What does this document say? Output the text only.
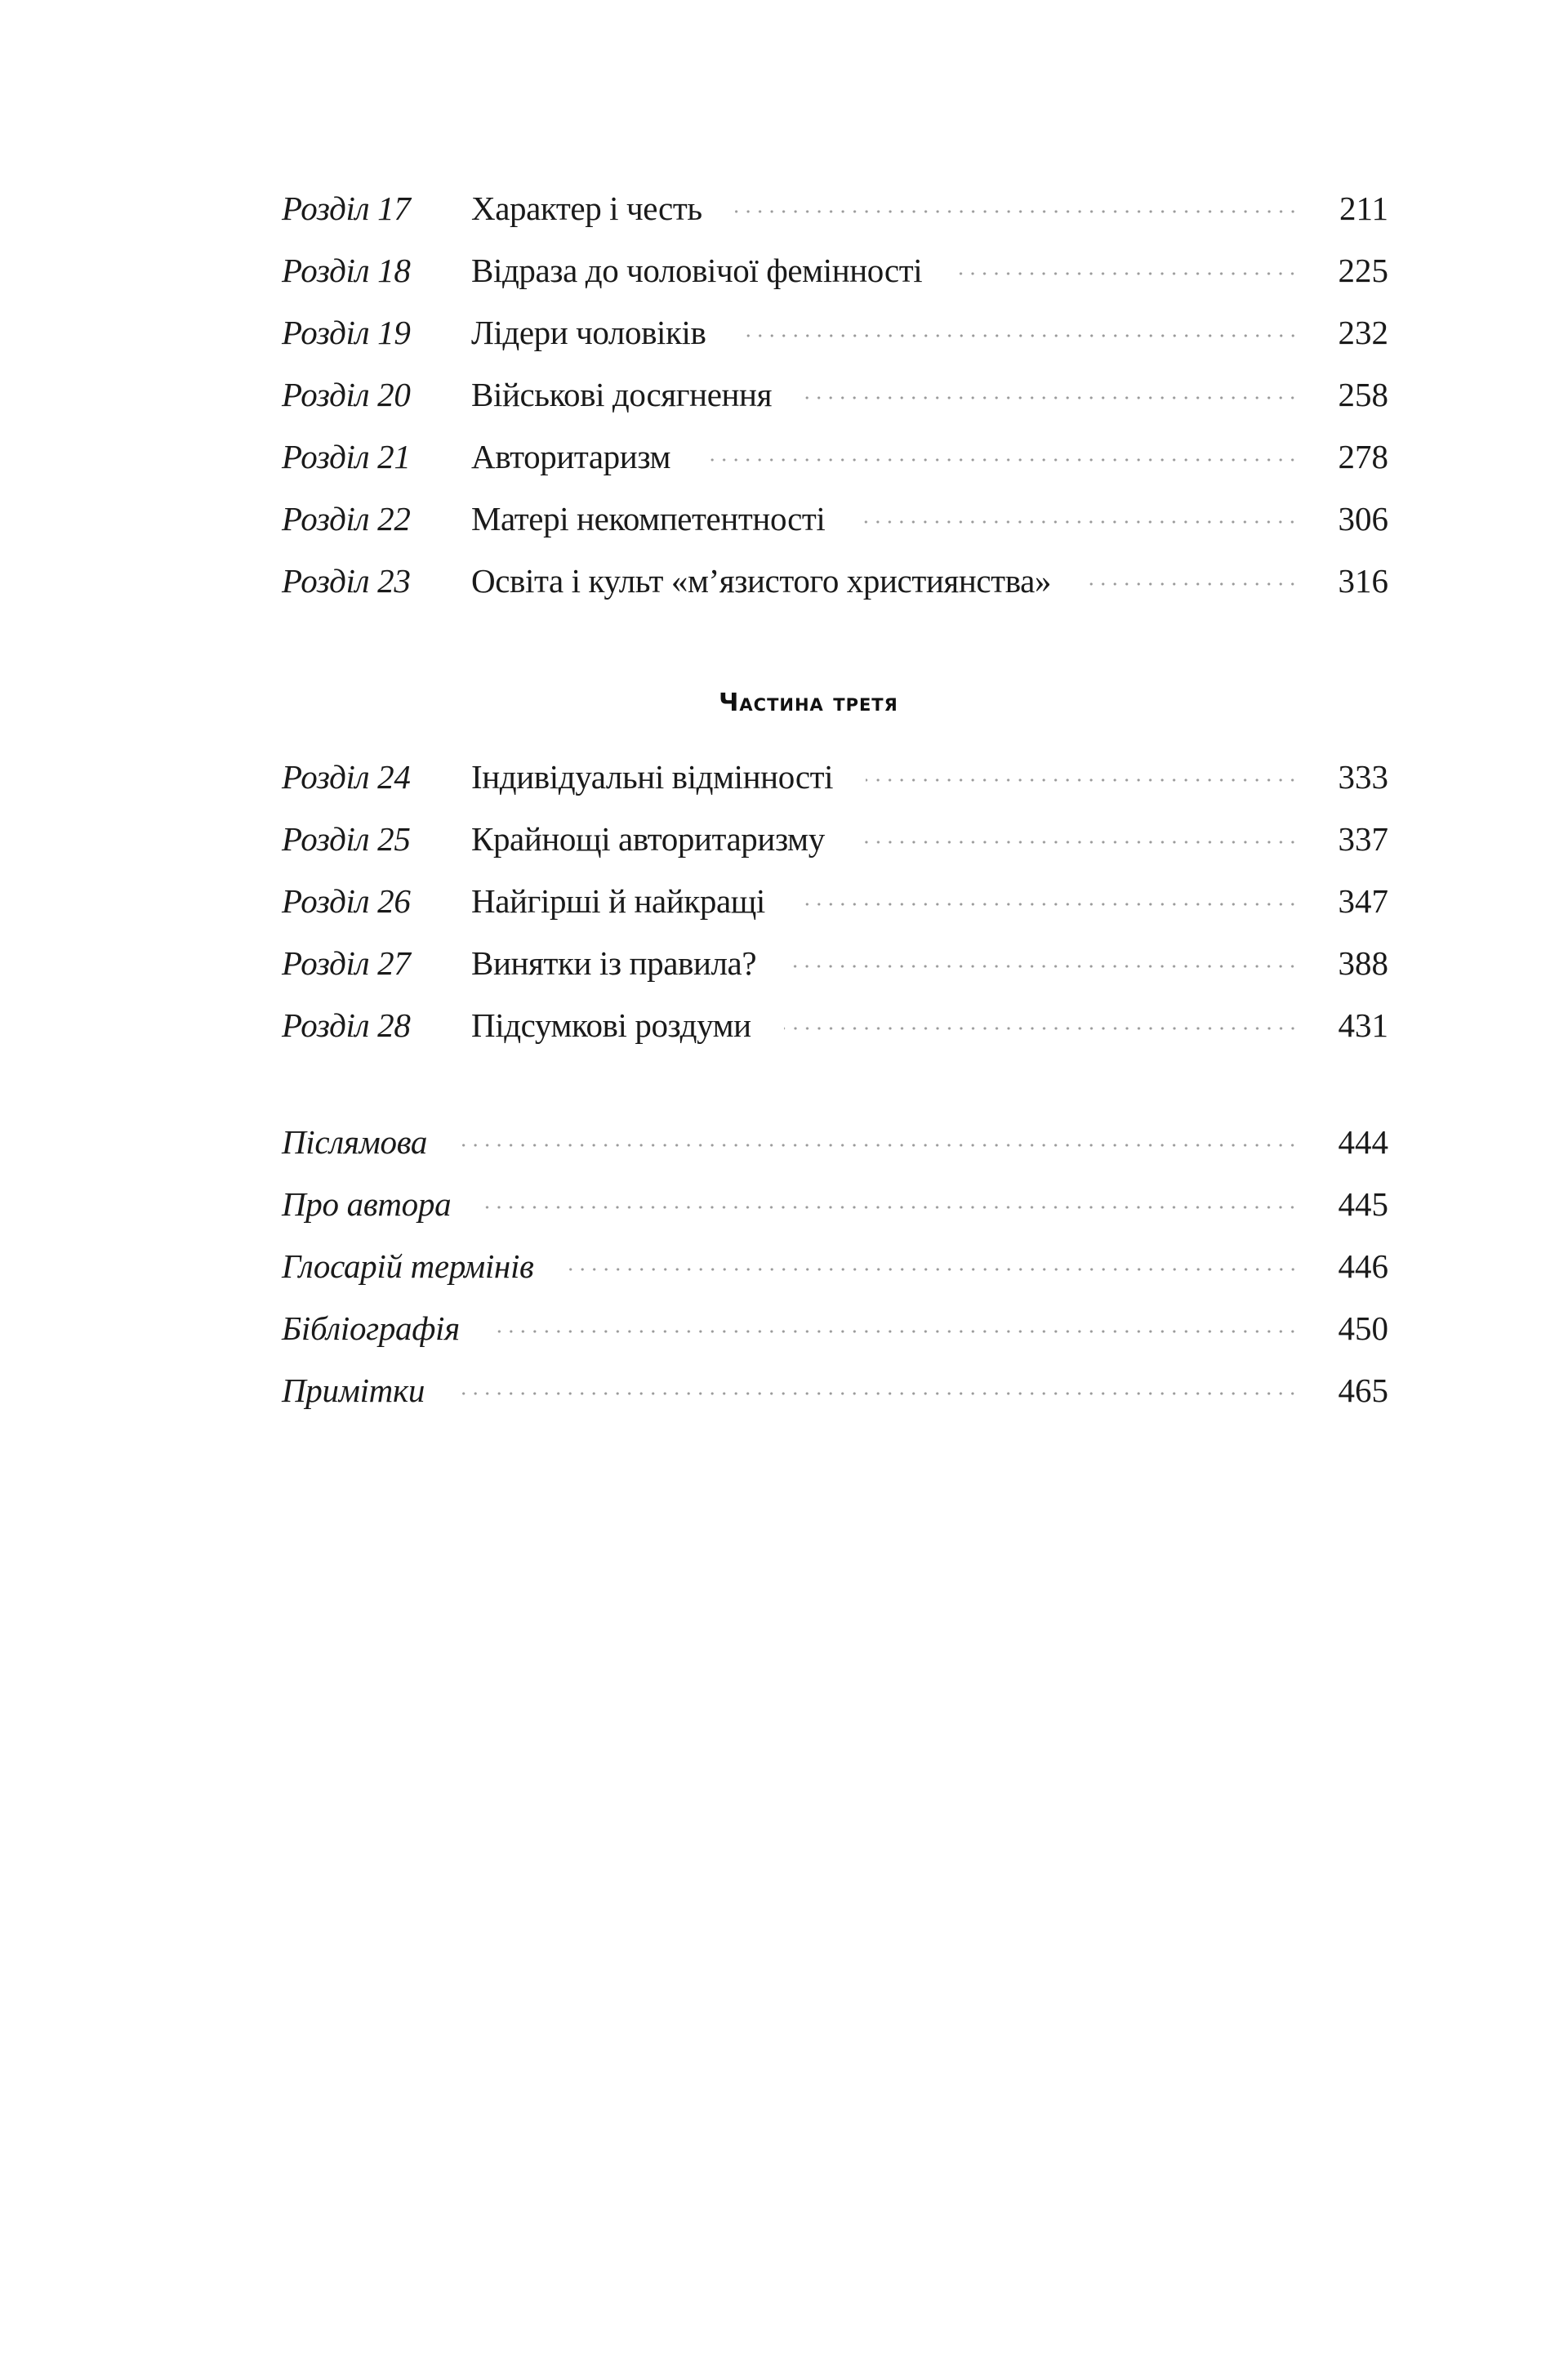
Розділ 17	Характер і честь	211
Розділ 18	Відраза до чоловічої фемінності	225
Розділ 19	Лідери чоловіків	232
Розділ 20	Військові досягнення	258
Розділ 21	Авторитаризм	278
Розділ 22	Матері некомпетентності	306
Розділ 23	Освіта і культ «м’язистого християнства»	316
Частина третя
Розділ 24	Індивідуальні відмінності	333
Розділ 25	Крайнощі авторитаризму	337
Розділ 26	Найгірші й найкращі	347
Розділ 27	Винятки із правила?	388
Розділ 28	Підсумкові роздуми	431
Післямова	444
Про автора	445
Глосарій термінів	446
Бібліографія	450
Примітки	465
